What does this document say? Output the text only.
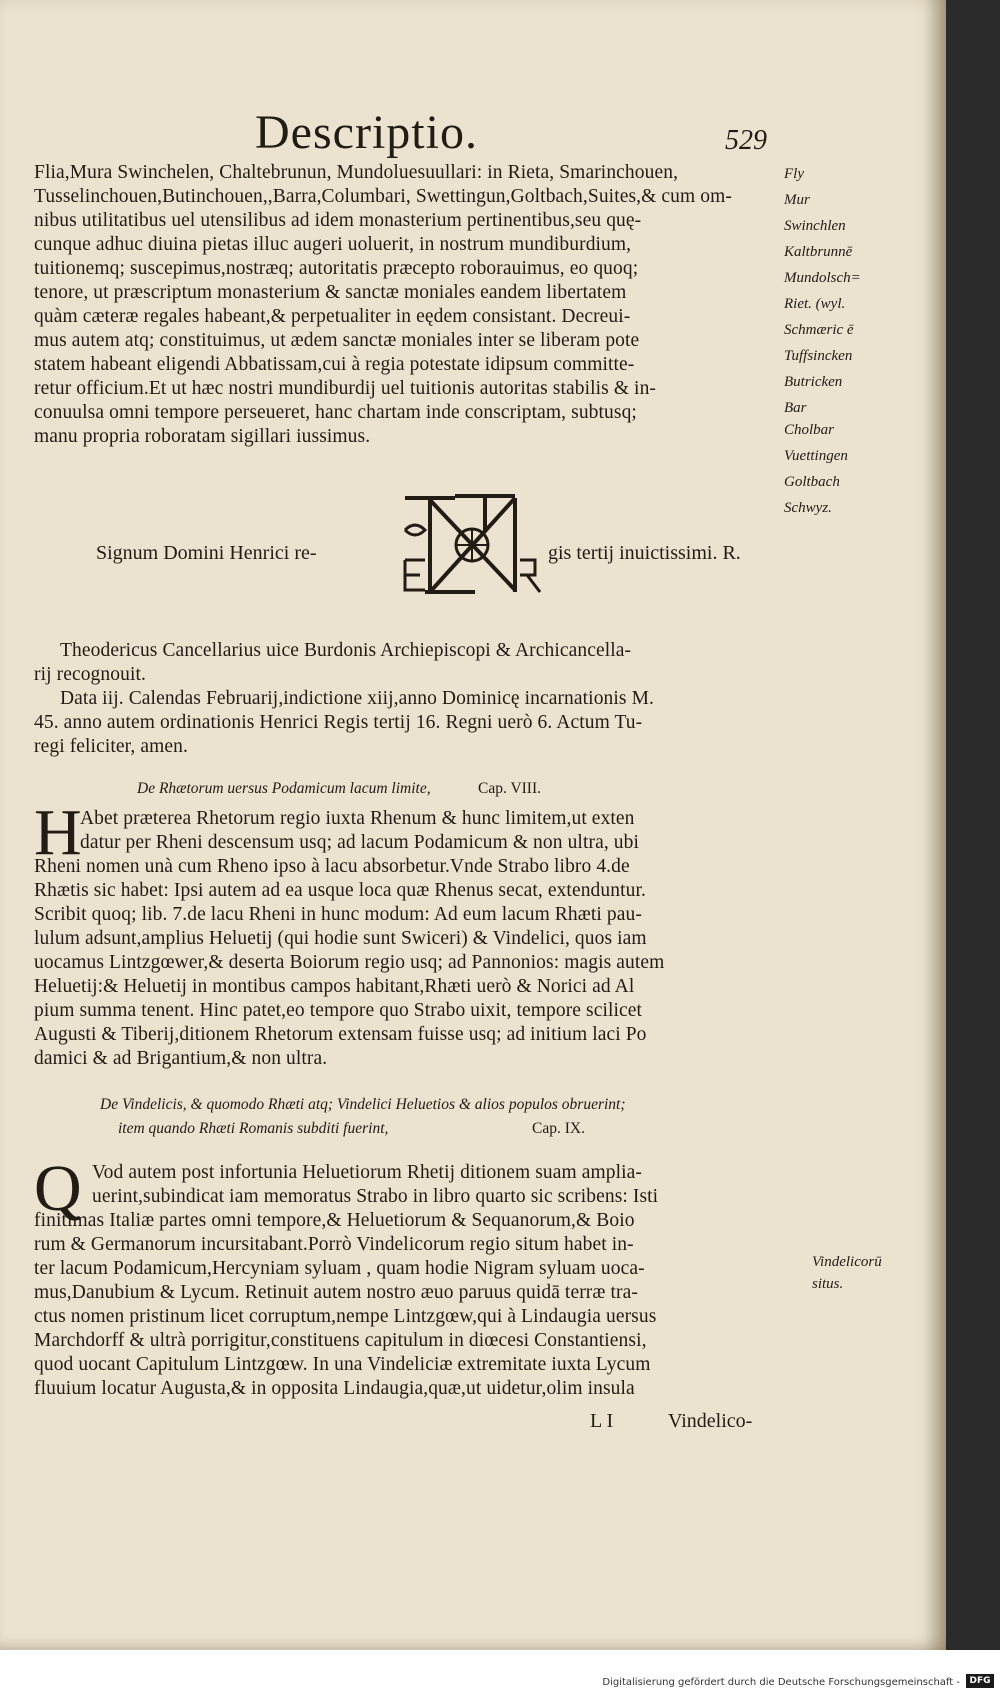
Descriptio.	529
Flia,Mura Swinchelen, Chaltebrunun, Mundoluesuullari: in Rieta, Smarinchouen,
Tusselinchouen,Butinchouen,,Barra,Columbari, Swettingun,Goltbach,Suites,& cum om-
nibus utilitatibus uel utensilibus ad idem monasterium pertinentibus,seu quę-
cunque adhuc diuina pietas illuc augeri uoluerit, in nostrum mundiburdium,
tuitionemq; suscepimus,nostræq; autoritatis præcepto roborauimus, eo quoq;
tenore, ut præscriptum monasterium & sanctæ moniales eandem libertatem
quàm cæteræ regales habeant,& perpetualiter in eędem consistant. Decreui-
mus autem atq; constituimus, ut ædem sanctæ moniales inter se liberam pote
statem habeant eligendi Abbatissam,cui à regia potestate idipsum committe-
retur officium.Et ut hæc nostri mundiburdij uel tuitionis autoritas stabilis & in-
conuulsa omni tempore perseueret, hanc chartam inde conscriptam, subtusq;
manu propria roboratam sigillari iussimus.
Fly
Mur
Swinchlen
Kaltbrunnē
Mundolsch=
Riet. (wyl.
Schmæric ē
Tuffsincken
Butricken
Bar
Cholbar
Vuettingen
Goltbach
Schwyz.
Signum Domini Henrici re-	gis tertij inuictissimi. R.
Theodericus Cancellarius uice Burdonis Archiepiscopi & Archicancella-
rij recognouit.
Data iij. Calendas Februarij,indictione xiij,anno Dominicę incarnationis M.
45. anno autem ordinationis Henrici Regis tertij 16. Regni uerò 6. Actum Tu-
regi feliciter, amen.
De Rhætorum uersus Podamicum lacum limite,	Cap. VIII.
H
Abet præterea Rhetorum regio iuxta Rhenum & hunc limitem,ut exten
datur per Rheni descensum usq; ad lacum Podamicum & non ultra, ubi
Rheni nomen unà cum Rheno ipso à lacu absorbetur.Vnde Strabo libro 4.de
Rhætis sic habet: Ipsi autem ad ea usque loca quæ Rhenus secat, extenduntur.
Scribit quoq; lib. 7.de lacu Rheni in hunc modum: Ad eum lacum Rhæti pau-
lulum adsunt,amplius Heluetij (qui hodie sunt Swiceri) & Vindelici, quos iam
uocamus Lintzgœwer,& deserta Boiorum regio usq; ad Pannonios: magis autem
Heluetij:& Heluetij in montibus campos habitant,Rhæti uerò & Norici ad Al
pium summa tenent. Hinc patet,eo tempore quo Strabo uixit, tempore scilicet
Augusti & Tiberij,ditionem Rhetorum extensam fuisse usq; ad initium laci Po
damici & ad Brigantium,& non ultra.
De Vindelicis, & quomodo Rhæti atq; Vindelici Heluetios & alios populos obruerint;
item quando Rhæti Romanis subditi fuerint,	Cap. IX.
Q Vod autem post infortunia Heluetiorum Rhetij ditionem suam amplia-
uerint,subindicat iam memoratus Strabo in libro quarto sic scribens: Isti
finitimas Italiæ partes omni tempore,& Heluetiorum & Sequanorum,& Boio
rum & Germanorum incursitabant.Porrò Vindelicorum regio situm habet in-
ter lacum Podamicum,Hercyniam syluam , quam hodie Nigram syluam uoca-
mus,Danubium & Lycum. Retinuit autem nostro æuo paruus quidā terræ tra-
ctus nomen pristinum licet corruptum,nempe Lintzgœw,qui à Lindaugia uersus
Marchdorff & ultrà porrigitur,constituens capitulum in diœcesi Constantiensi,
quod uocant Capitulum Lintzgœw. In una Vindeliciæ extremitate iuxta Lycum
fluuium locatur Augusta,& in opposita Lindaugia,quæ,ut uidetur,olim insula
Vindelicorū
situs.
L I	Vindelico-
Digitalisierung gefördert durch die Deutsche Forschungsgemeinschaft -	DFG
